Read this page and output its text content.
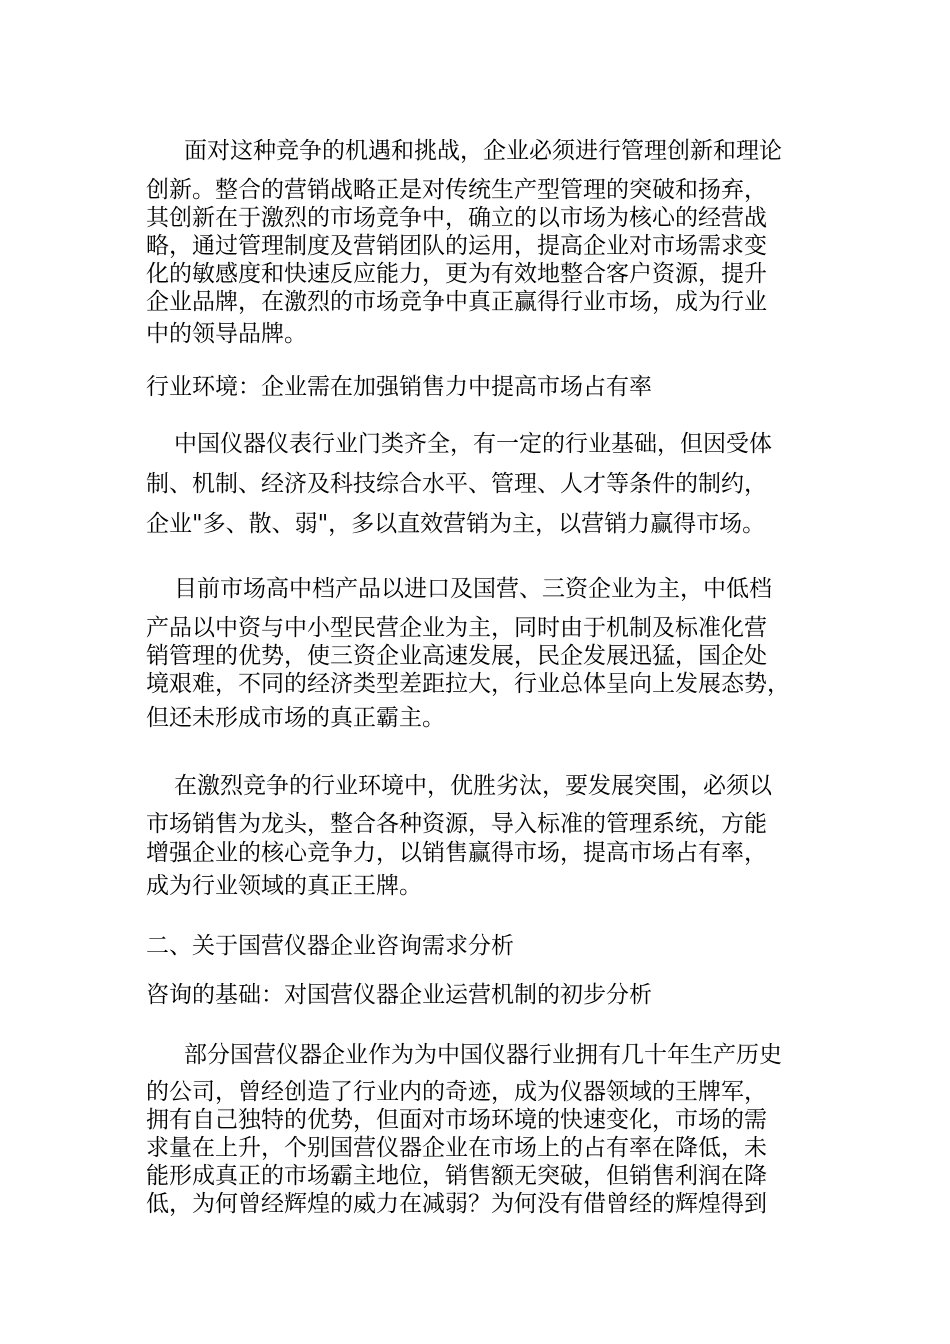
面对这种竞争的机遇和挑战，企业必须进行管理创新和理论
创新。整合的营销战略正是对传统生产型管理的突破和扬弃，
其创新在于激烈的市场竞争中，确立的以市场为核心的经营战
略，通过管理制度及营销团队的运用，提高企业对市场需求变
化的敏感度和快速反应能力，更为有效地整合客户资源，提升
企业品牌，在激烈的市场竞争中真正赢得行业市场，成为行业
中的领导品牌。
行业环境：企业需在加强销售力中提高市场占有率
中国仪器仪表行业门类齐全，有一定的行业基础，但因受体
制、机制、经济及科技综合水平、管理、人才等条件的制约，
企业"多、散、弱"，多以直效营销为主，以营销力赢得市场。
目前市场高中档产品以进口及国营、三资企业为主，中低档
产品以中资与中小型民营企业为主，同时由于机制及标准化营
销管理的优势，使三资企业高速发展，民企发展迅猛，国企处
境艰难，不同的经济类型差距拉大，行业总体呈向上发展态势，
但还未形成市场的真正霸主。
在激烈竞争的行业环境中，优胜劣汰，要发展突围，必须以
市场销售为龙头，整合各种资源，导入标准的管理系统，方能
增强企业的核心竞争力，以销售赢得市场，提高市场占有率，
成为行业领域的真正王牌。
二、关于国营仪器企业咨询需求分析
咨询的基础：对国营仪器企业运营机制的初步分析
部分国营仪器企业作为为中国仪器行业拥有几十年生产历史
的公司，曾经创造了行业内的奇迹，成为仪器领域的王牌军，
拥有自己独特的优势，但面对市场环境的快速变化，市场的需
求量在上升，个别国营仪器企业在市场上的占有率在降低，未
能形成真正的市场霸主地位，销售额无突破，但销售利润在降
低，为何曾经辉煌的威力在减弱？为何没有借曾经的辉煌得到
